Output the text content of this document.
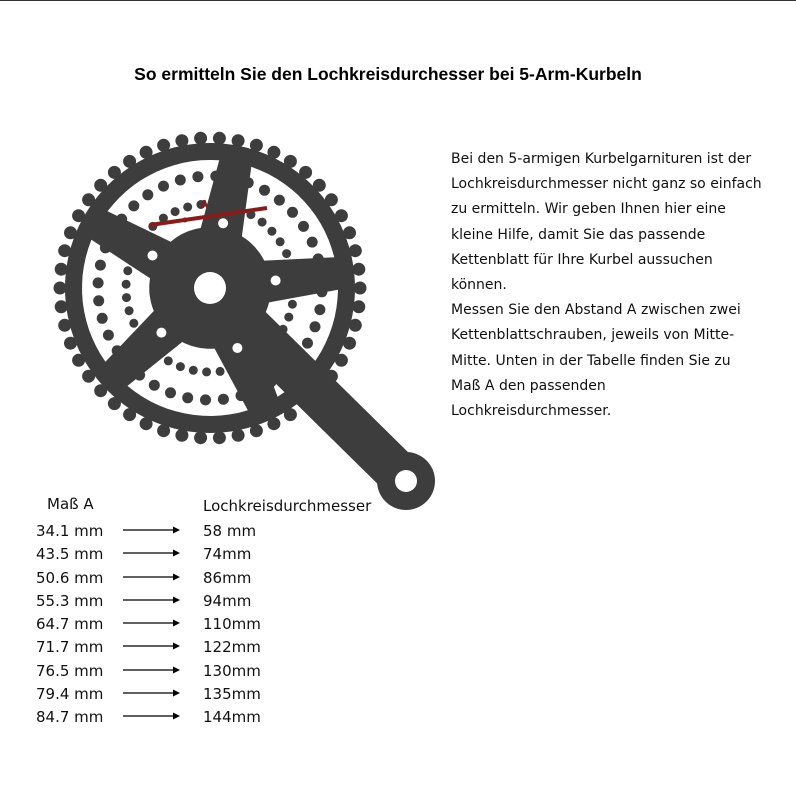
So ermitteln Sie den Lochkreisdurchesser bei 5-Arm-Kurbeln
A

Bei den 5-armigen Kurbelgarnituren ist der

Lochkreisdurchmesser nicht ganz so einfach

zu ermitteln. Wir geben Ihnen hier eine

kleine Hilfe, damit Sie das passende

Kettenblatt für Ihre Kurbel aussuchen

können.

Messen Sie den Abstand A zwischen zwei

Kettenblattschrauben, jeweils von Mitte-

Mitte. Unten in der Tabelle finden Sie zu

Maß A den passenden

Lochkreisdurchmesser.

Maß A	Lochkreisdurchmesser
34.1 mm	58 mm
43.5 mm	74mm
50.6 mm	86mm
55.3 mm	94mm
64.7 mm	110mm
71.7 mm	122mm
76.5 mm	130mm
79.4 mm	135mm
84.7 mm	144mm
